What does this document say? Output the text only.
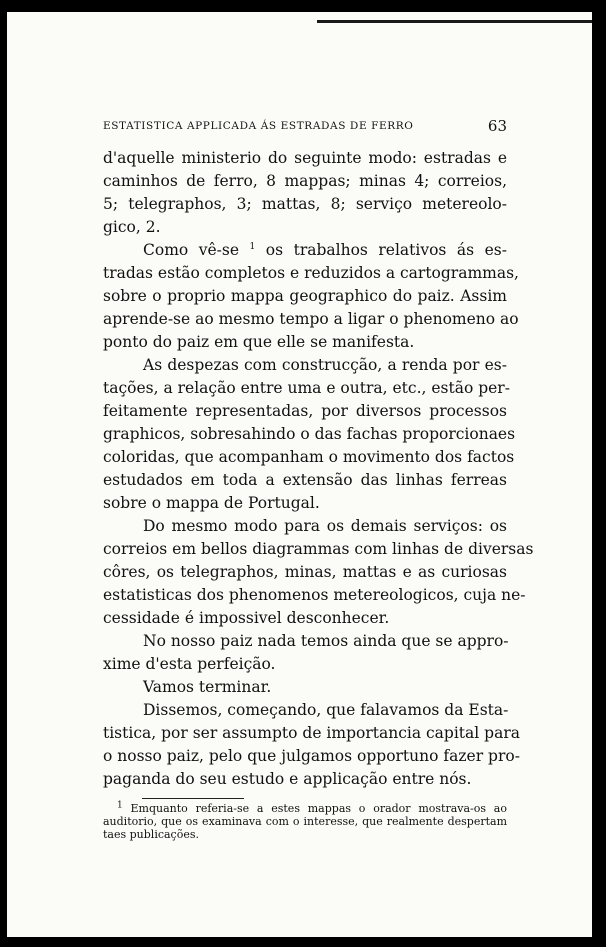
ESTATISTICA APPLICADA ÁS ESTRADAS DE FERRO	63
d'aquelle ministerio do seguinte modo: estradas e
caminhos de ferro, 8 mappas; minas 4; correios,
5; telegraphos, 3; mattas, 8; serviço metereolo-
gico, 2.
Como vê-se $^1$ os trabalhos relativos ás es-
tradas estão completos e reduzidos a cartogrammas,
sobre o proprio mappa geographico do paiz. Assim
aprende-se ao mesmo tempo a ligar o phenomeno ao
ponto do paiz em que elle se manifesta.
As despezas com construcção, a renda por es-
tações, a relação entre uma e outra, etc., estão per-
feitamente representadas, por diversos processos
graphicos, sobresahindo o das fachas proporcionaes
coloridas, que acompanham o movimento dos factos
estudados em toda a extensão das linhas ferreas
sobre o mappa de Portugal.
Do mesmo modo para os demais serviços: os
correios em bellos diagrammas com linhas de diversas
côres, os telegraphos, minas, mattas e as curiosas
estatisticas dos phenomenos metereologicos, cuja ne-
cessidade é impossivel desconhecer.
No nosso paiz nada temos ainda que se appro-
xime d'esta perfeição.
Vamos terminar.
Dissemos, começando, que falavamos da Esta-
tistica, por ser assumpto de importancia capital para
o nosso paiz, pelo que julgamos opportuno fazer pro-
paganda do seu estudo e applicação entre nós.
$^1$ Emquanto referia-se a estes mappas o orador mostrava-os ao
auditorio, que os examinava com o interesse, que realmente despertam
taes publicações.
